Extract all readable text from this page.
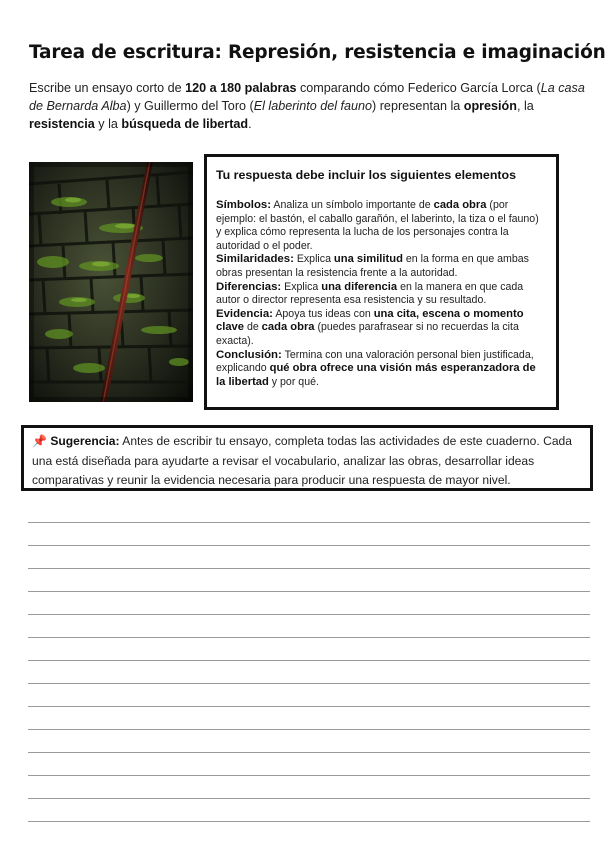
Tarea de escritura: Represión, resistencia e imaginación
Escribe un ensayo corto de 120 a 180 palabras comparando cómo Federico García Lorca (La casa de Bernarda Alba) y Guillermo del Toro (El laberinto del fauno) representan la opresión, la resistencia y la búsqueda de libertad.
Tu respuesta debe incluir los siguientes elementos

Símbolos: Analiza un símbolo importante de cada obra (por ejemplo: el bastón, el caballo garañón, el laberinto, la tiza o el fauno) y explica cómo representa la lucha de los personajes contra la autoridad o el poder.

Similaridades: Explica una similitud en la forma en que ambas obras presentan la resistencia frente a la autoridad.

Diferencias: Explica una diferencia en la manera en que cada autor o director representa esa resistencia y su resultado.

Evidencia: Apoya tus ideas con una cita, escena o momento clave de cada obra (puedes parafrasear si no recuerdas la cita exacta).

Conclusión: Termina con una valoración personal bien justificada, explicando qué obra ofrece una visión más esperanzadora de la libertad y por qué.

📌 Sugerencia: Antes de escribir tu ensayo, completa todas las actividades de este cuaderno. Cada una está diseñada para ayudarte a revisar el vocabulario, analizar las obras, desarrollar ideas comparativas y reunir la evidencia necesaria para producir una respuesta de mayor nivel.
